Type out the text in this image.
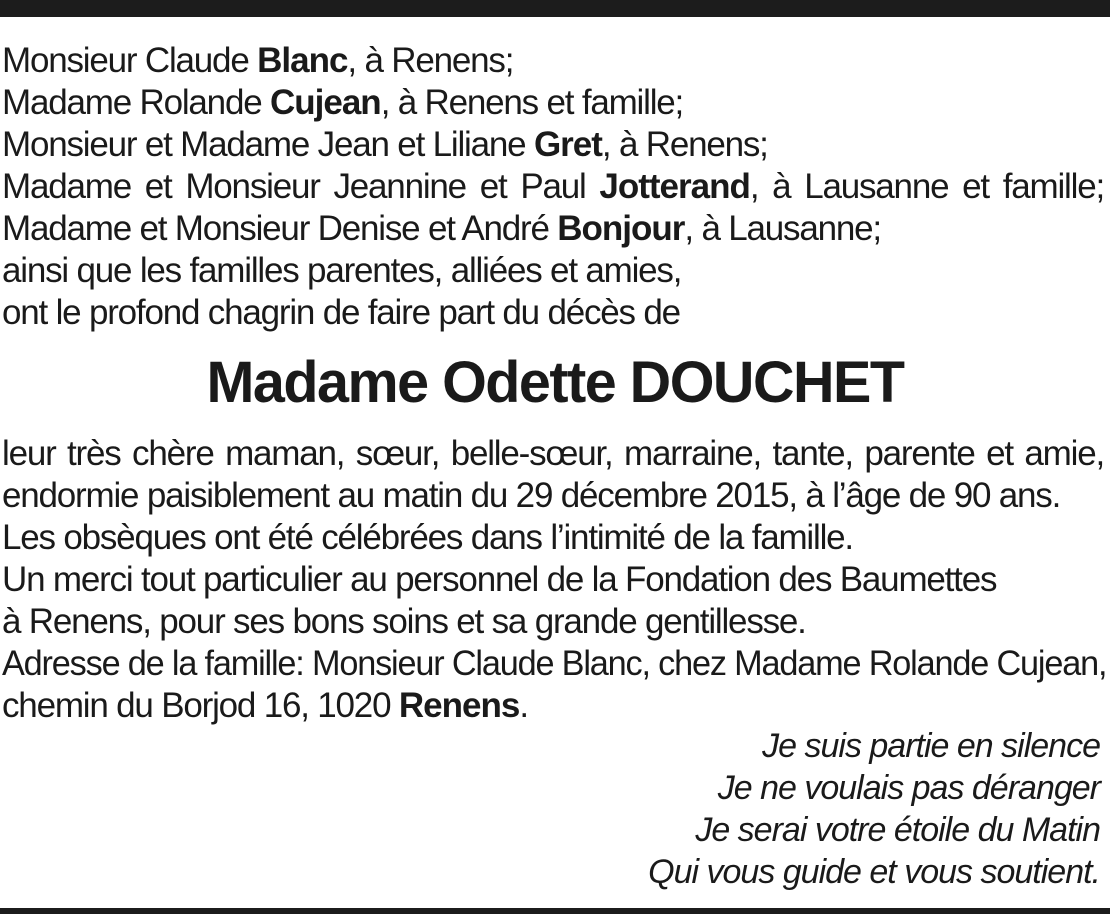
Monsieur Claude Blanc, à Renens;
Madame Rolande Cujean, à Renens et famille;
Monsieur et Madame Jean et Liliane Gret, à Renens;
Madame et Monsieur Jeannine et Paul Jotterand, à Lausanne et famille;
Madame et Monsieur Denise et André Bonjour, à Lausanne;
ainsi que les familles parentes, alliées et amies,
ont le profond chagrin de faire part du décès de
Madame Odette DOUCHET
leur très chère maman, sœur, belle-sœur, marraine, tante, parente et amie,
endormie paisiblement au matin du 29 décembre 2015, à l’âge de 90 ans.
Les obsèques ont été célébrées dans l’intimité de la famille.
Un merci tout particulier au personnel de la Fondation des Baumettes
à Renens, pour ses bons soins et sa grande gentillesse.
Adresse de la famille: Monsieur Claude Blanc, chez Madame Rolande Cujean,
chemin du Borjod 16, 1020 Renens.
Je suis partie en silence
Je ne voulais pas déranger
Je serai votre étoile du Matin
Qui vous guide et vous soutient.
